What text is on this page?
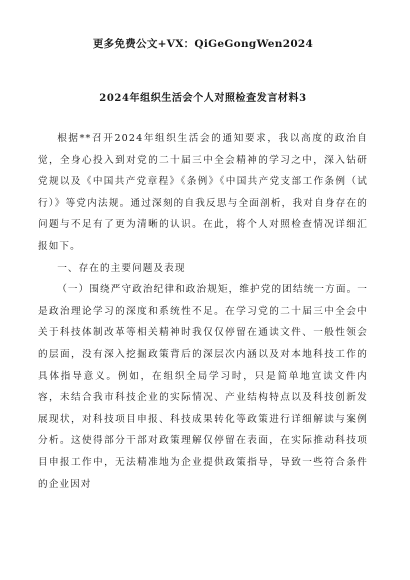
更多免费公文+VX：QiGeGongWen2024
2024年组织生活会个人对照检查发言材料3

根据**召开2024年组织生活会的通知要求，我以高度的政治自觉，全身心投入到对党的二十届三中全会精神的学习之中，深入钻研党规以及《中国共产党章程》《条例》《中国共产党支部工作条例（试行）》等党内法规。通过深刻的自我反思与全面剖析，我对自身存在的问题与不足有了更为清晰的认识。在此，将个人对照检查情况详细汇报如下。

一、存在的主要问题及表现

（一）围绕严守政治纪律和政治规矩，维护党的团结统一方面。一是政治理论学习的深度和系统性不足。在学习党的二十届三中全会中关于科技体制改革等相关精神时我仅仅停留在通读文件、一般性领会的层面，没有深入挖掘政策背后的深层次内涵以及对本地科技工作的具体指导意义。例如，在组织全局学习时，只是简单地宣读文件内容，未结合我市科技企业的实际情况、产业结构特点以及科技创新发展现状，对科技项目申报、科技成果转化等政策进行详细解读与案例分析。这使得部分干部对政策理解仅停留在表面，在实际推动科技项目申报工作中，无法精准地为企业提供政策指导，导致一些符合条件的企业因对
